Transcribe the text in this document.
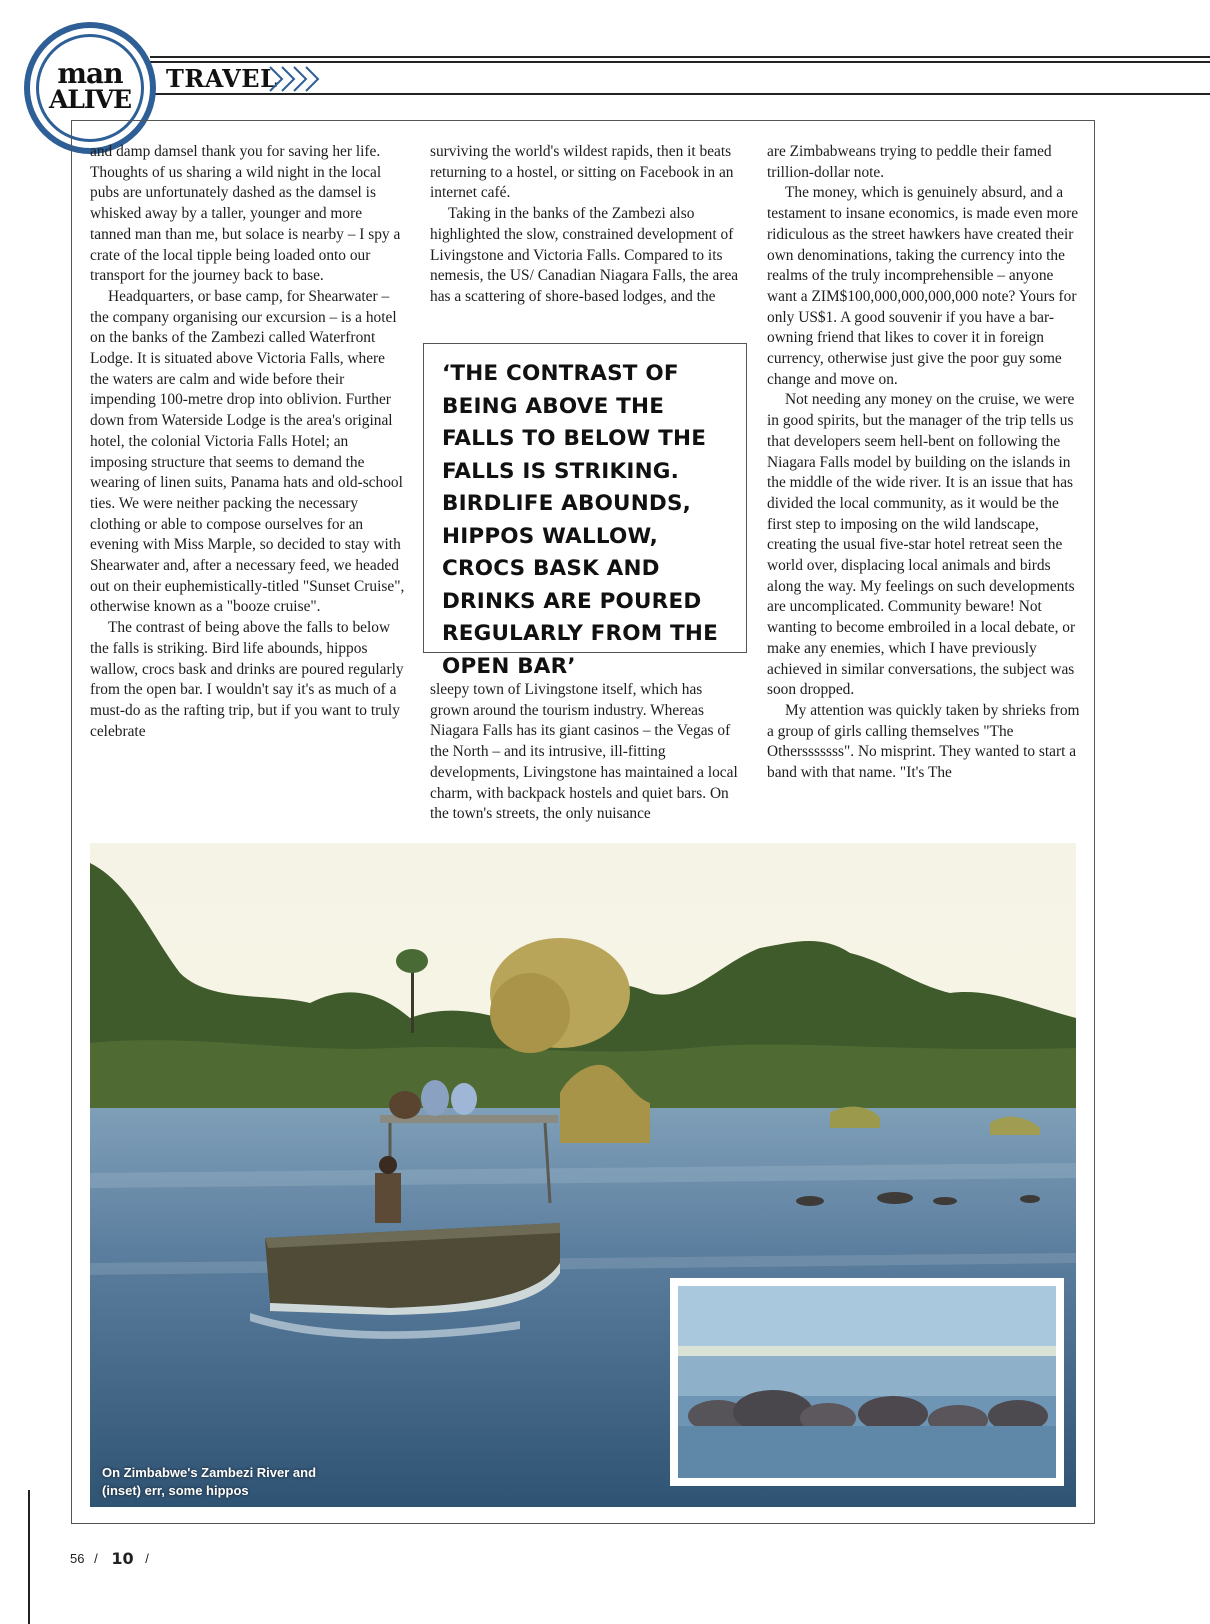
man
ALIVE
TRAVEL

and damp damsel thank you for saving her life. Thoughts of us sharing a wild night in the local pubs are unfortunately dashed as the damsel is whisked away by a taller, younger and more tanned man than me, but solace is nearby – I spy a crate of the local tipple being loaded onto our transport for the journey back to base.

Headquarters, or base camp, for Shearwater – the company organising our excursion – is a hotel on the banks of the Zambezi called Waterfront Lodge. It is situated above Victoria Falls, where the waters are calm and wide before their impending 100-metre drop into oblivion. Further down from Waterside Lodge is the area's original hotel, the colonial Victoria Falls Hotel; an imposing structure that seems to demand the wearing of linen suits, Panama hats and old-school ties. We were neither packing the necessary clothing or able to compose ourselves for an evening with Miss Marple, so decided to stay with Shearwater and, after a necessary feed, we headed out on their euphemistically-titled "Sunset Cruise", otherwise known as a "booze cruise".

The contrast of being above the falls to below the falls is striking. Bird life abounds, hippos wallow, crocs bask and drinks are poured regularly from the open bar. I wouldn't say it's as much of a must-do as the rafting trip, but if you want to truly celebrate

surviving the world's wildest rapids, then it beats returning to a hostel, or sitting on Facebook in an internet café.

Taking in the banks of the Zambezi also highlighted the slow, constrained development of Livingstone and Victoria Falls. Compared to its nemesis, the US/ Canadian Niagara Falls, the area has a scattering of shore-based lodges, and the

‘THE CONTRAST OF BEING ABOVE THE FALLS TO BELOW THE FALLS IS STRIKING. BIRDLIFE ABOUNDS, HIPPOS WALLOW, CROCS BASK AND DRINKS ARE POURED REGULARLY FROM THE OPEN BAR’

sleepy town of Livingstone itself, which has grown around the tourism industry. Whereas Niagara Falls has its giant casinos – the Vegas of the North – and its intrusive, ill-fitting developments, Livingstone has maintained a local charm, with backpack hostels and quiet bars. On the town's streets, the only nuisance

are Zimbabweans trying to peddle their famed trillion-dollar note.

The money, which is genuinely absurd, and a testament to insane economics, is made even more ridiculous as the street hawkers have created their own denominations, taking the currency into the realms of the truly incomprehensible – anyone want a ZIM$100,000,000,000,000 note? Yours for only US$1. A good souvenir if you have a bar-owning friend that likes to cover it in foreign currency, otherwise just give the poor guy some change and move on.

Not needing any money on the cruise, we were in good spirits, but the manager of the trip tells us that developers seem hell-bent on following the Niagara Falls model by building on the islands in the middle of the wide river. It is an issue that has divided the local community, as it would be the first step to imposing on the wild landscape, creating the usual five-star hotel retreat seen the world over, displacing local animals and birds along the way. My feelings on such developments are uncomplicated. Community beware! Not wanting to become embroiled in a local debate, or make any enemies, which I have previously achieved in similar conversations, the subject was soon dropped.

My attention was quickly taken by shrieks from a group of girls calling themselves "The Othersssssss". No misprint. They wanted to start a band with that name. "It's The

On Zimbabwe's Zambezi River and
(inset) err, some hippos
56 / 10 /
